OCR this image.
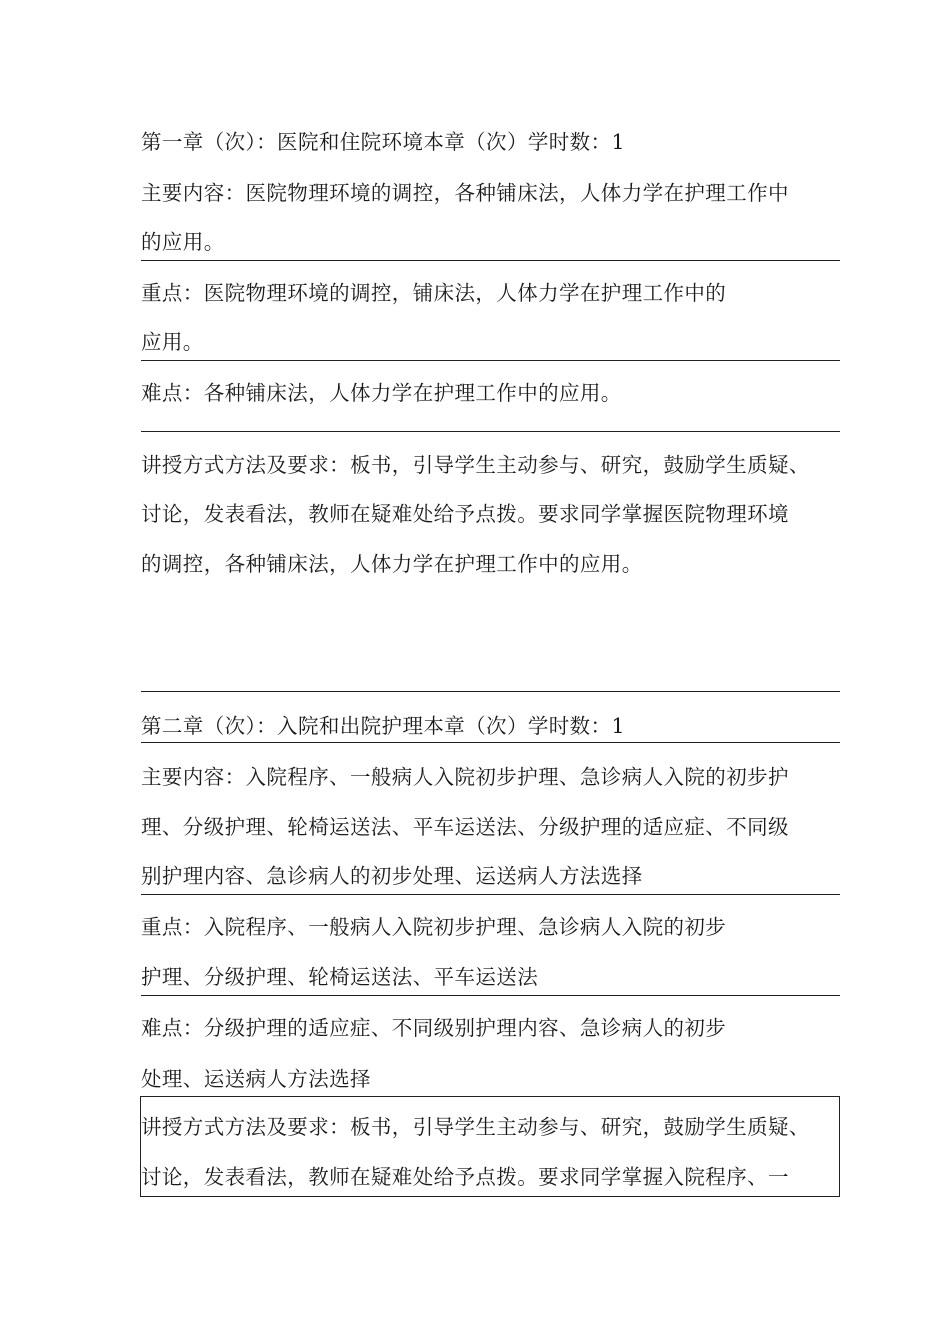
第一章（次）：医院和住院环境本章（次）学时数：1
主要内容：医院物理环境的调控，各种铺床法，人体力学在护理工作中
的应用。
重点：医院物理环境的调控，铺床法，人体力学在护理工作中的
应用。
难点：各种铺床法，人体力学在护理工作中的应用。
讲授方式方法及要求：板书，引导学生主动参与、研究，鼓励学生质疑、
讨论，发表看法，教师在疑难处给予点拨。要求同学掌握医院物理环境
的调控，各种铺床法，人体力学在护理工作中的应用。
第二章（次）：入院和出院护理本章（次）学时数：1
主要内容：入院程序、一般病人入院初步护理、急诊病人入院的初步护
理、分级护理、轮椅运送法、平车运送法、分级护理的适应症、不同级
别护理内容、急诊病人的初步处理、运送病人方法选择
重点：入院程序、一般病人入院初步护理、急诊病人入院的初步
护理、分级护理、轮椅运送法、平车运送法
难点：分级护理的适应症、不同级别护理内容、急诊病人的初步
处理、运送病人方法选择
讲授方式方法及要求：板书，引导学生主动参与、研究，鼓励学生质疑、
讨论，发表看法，教师在疑难处给予点拨。要求同学掌握入院程序、一
